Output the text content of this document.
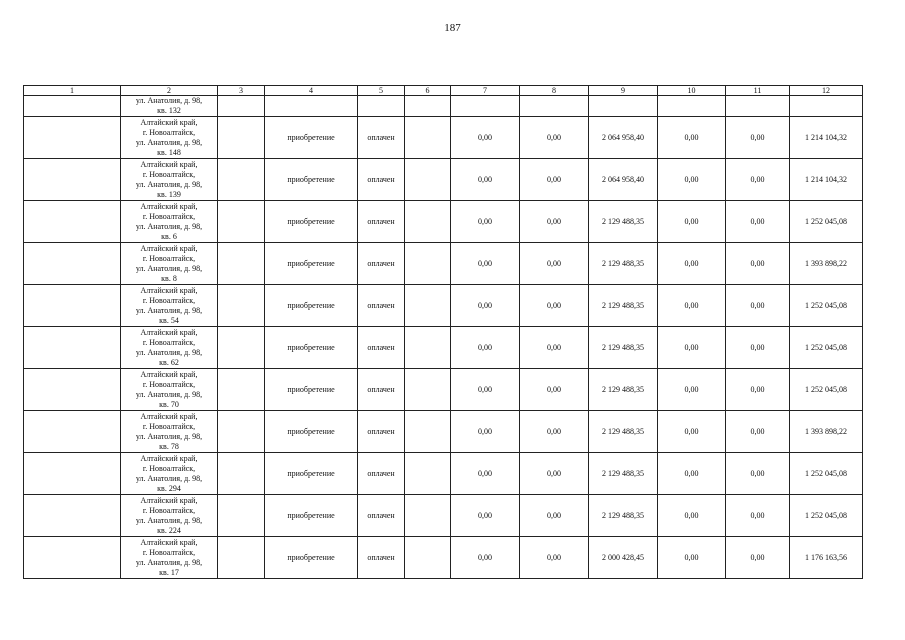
187
1	2	3	4	5	6	7	8	9	10	11	12

	ул. Анатолия, д. 98,
кв. 132										

	Алтайский край,
г. Новоалтайск,
ул. Анатолия, д. 98,
кв. 148		приобретение	оплачен		0,00	0,00	2 064 958,40	0,00	0,00	1 214 104,32

	Алтайский край,
г. Новоалтайск,
ул. Анатолия, д. 98,
кв. 139		приобретение	оплачен		0,00	0,00	2 064 958,40	0,00	0,00	1 214 104,32

	Алтайский край,
г. Новоалтайск,
ул. Анатолия, д. 98,
кв. 6		приобретение	оплачен		0,00	0,00	2 129 488,35	0,00	0,00	1 252 045,08

	Алтайский край,
г. Новоалтайск,
ул. Анатолия, д. 98,
кв. 8		приобретение	оплачен		0,00	0,00	2 129 488,35	0,00	0,00	1 393 898,22

	Алтайский край,
г. Новоалтайск,
ул. Анатолия, д. 98,
кв. 54		приобретение	оплачен		0,00	0,00	2 129 488,35	0,00	0,00	1 252 045,08

	Алтайский край,
г. Новоалтайск,
ул. Анатолия, д. 98,
кв. 62		приобретение	оплачен		0,00	0,00	2 129 488,35	0,00	0,00	1 252 045,08

	Алтайский край,
г. Новоалтайск,
ул. Анатолия, д. 98,
кв. 70		приобретение	оплачен		0,00	0,00	2 129 488,35	0,00	0,00	1 252 045,08

	Алтайский край,
г. Новоалтайск,
ул. Анатолия, д. 98,
кв. 78		приобретение	оплачен		0,00	0,00	2 129 488,35	0,00	0,00	1 393 898,22

	Алтайский край,
г. Новоалтайск,
ул. Анатолия, д. 98,
кв. 294		приобретение	оплачен		0,00	0,00	2 129 488,35	0,00	0,00	1 252 045,08

	Алтайский край,
г. Новоалтайск,
ул. Анатолия, д. 98,
кв. 224		приобретение	оплачен		0,00	0,00	2 129 488,35	0,00	0,00	1 252 045,08

	Алтайский край,
г. Новоалтайск,
ул. Анатолия, д. 98,
кв. 17		приобретение	оплачен		0,00	0,00	2 000 428,45	0,00	0,00	1 176 163,56
